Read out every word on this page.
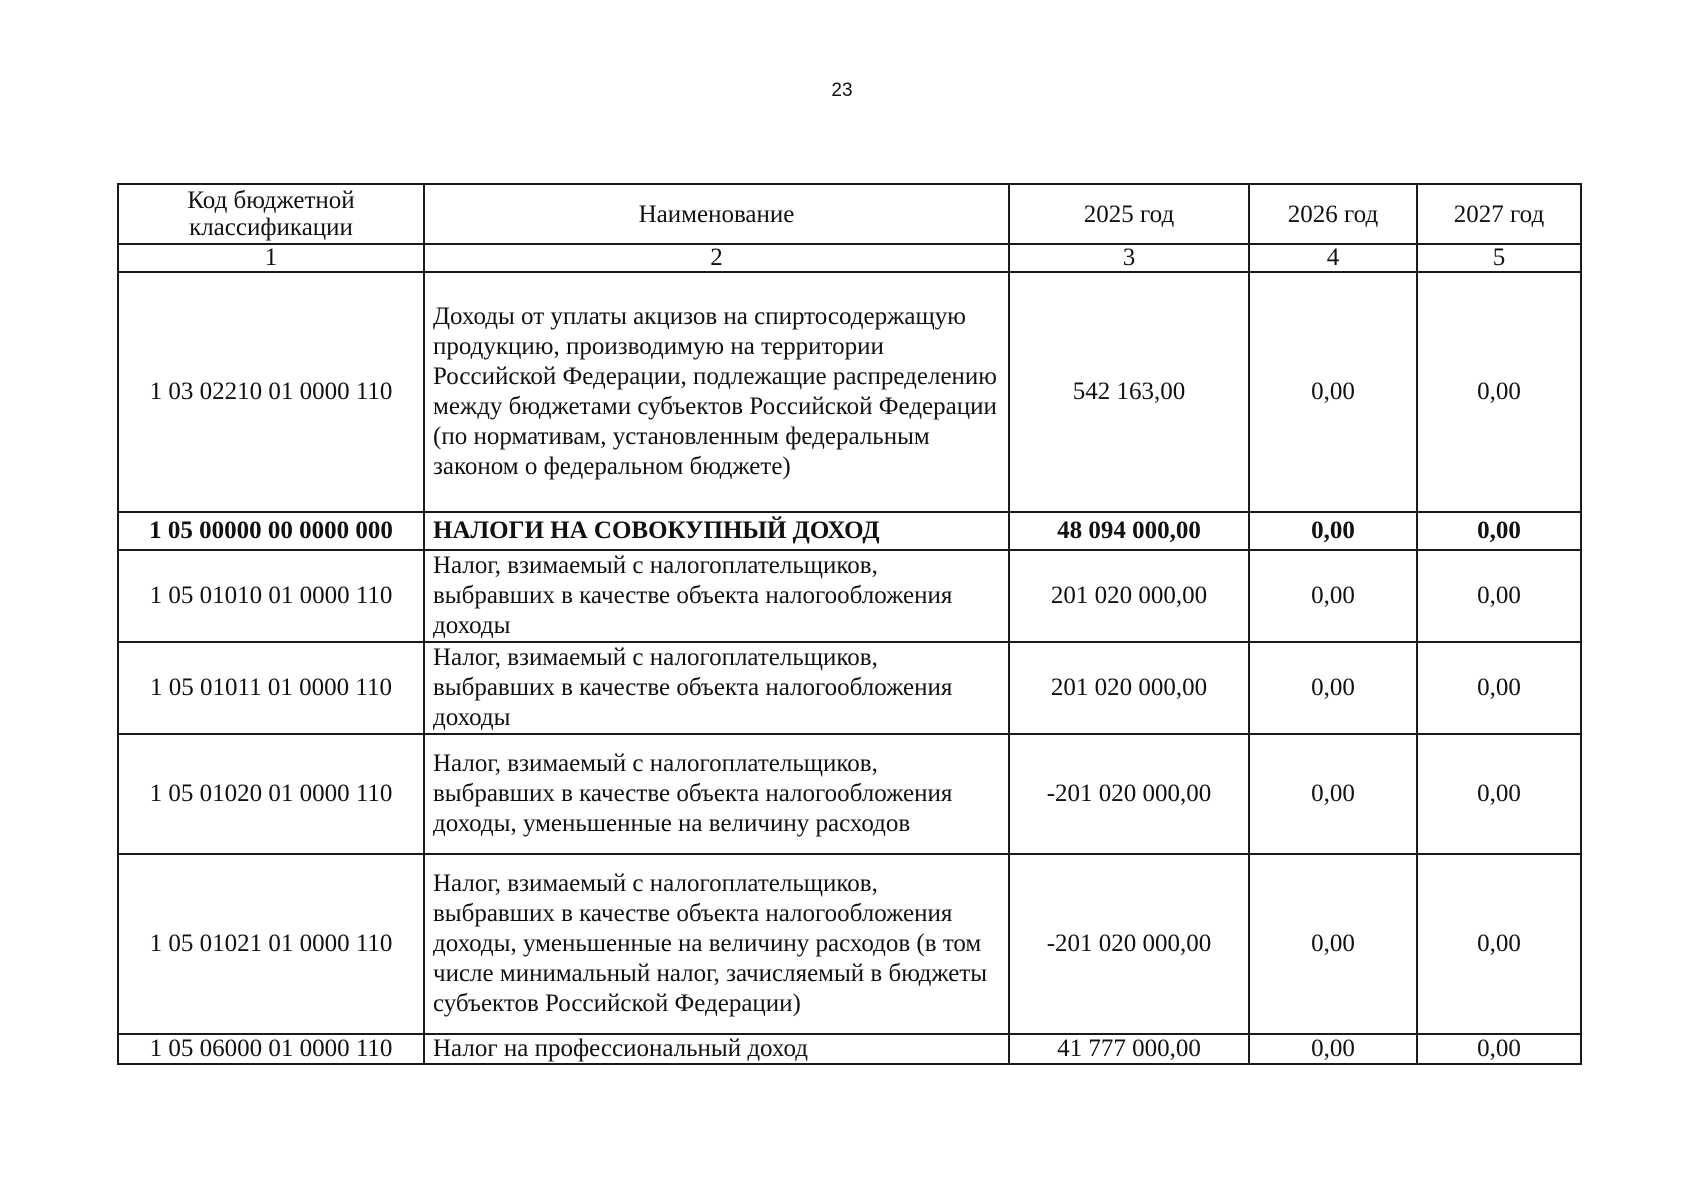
23
Код бюджетной классификации	Наименование	2025 год	2026 год	2027 год
1	2	3	4	5
1 03 02210 01 0000 110	Доходы от уплаты акцизов на спиртосодержащую продукцию, производимую на территории Российской Федерации, подлежащие распределению между бюджетами субъектов Российской Федерации (по нормативам, установленным федеральным законом о федеральном бюджете)	542 163,00	0,00	0,00
1 05 00000 00 0000 000	НАЛОГИ НА СОВОКУПНЫЙ ДОХОД	48 094 000,00	0,00	0,00
1 05 01010 01 0000 110	Налог, взимаемый с налогоплательщиков, выбравших в качестве объекта налогообложения доходы	201 020 000,00	0,00	0,00
1 05 01011 01 0000 110	Налог, взимаемый с налогоплательщиков, выбравших в качестве объекта налогообложения доходы	201 020 000,00	0,00	0,00
1 05 01020 01 0000 110	Налог, взимаемый с налогоплательщиков, выбравших в качестве объекта налогообложения доходы, уменьшенные на величину расходов	-201 020 000,00	0,00	0,00
1 05 01021 01 0000 110	Налог, взимаемый с налогоплательщиков, выбравших в качестве объекта налогообложения доходы, уменьшенные на величину расходов (в том числе минимальный налог, зачисляемый в бюджеты субъектов Российской Федерации)	-201 020 000,00	0,00	0,00
1 05 06000 01 0000 110	Налог на профессиональный доход	41 777 000,00	0,00	0,00
